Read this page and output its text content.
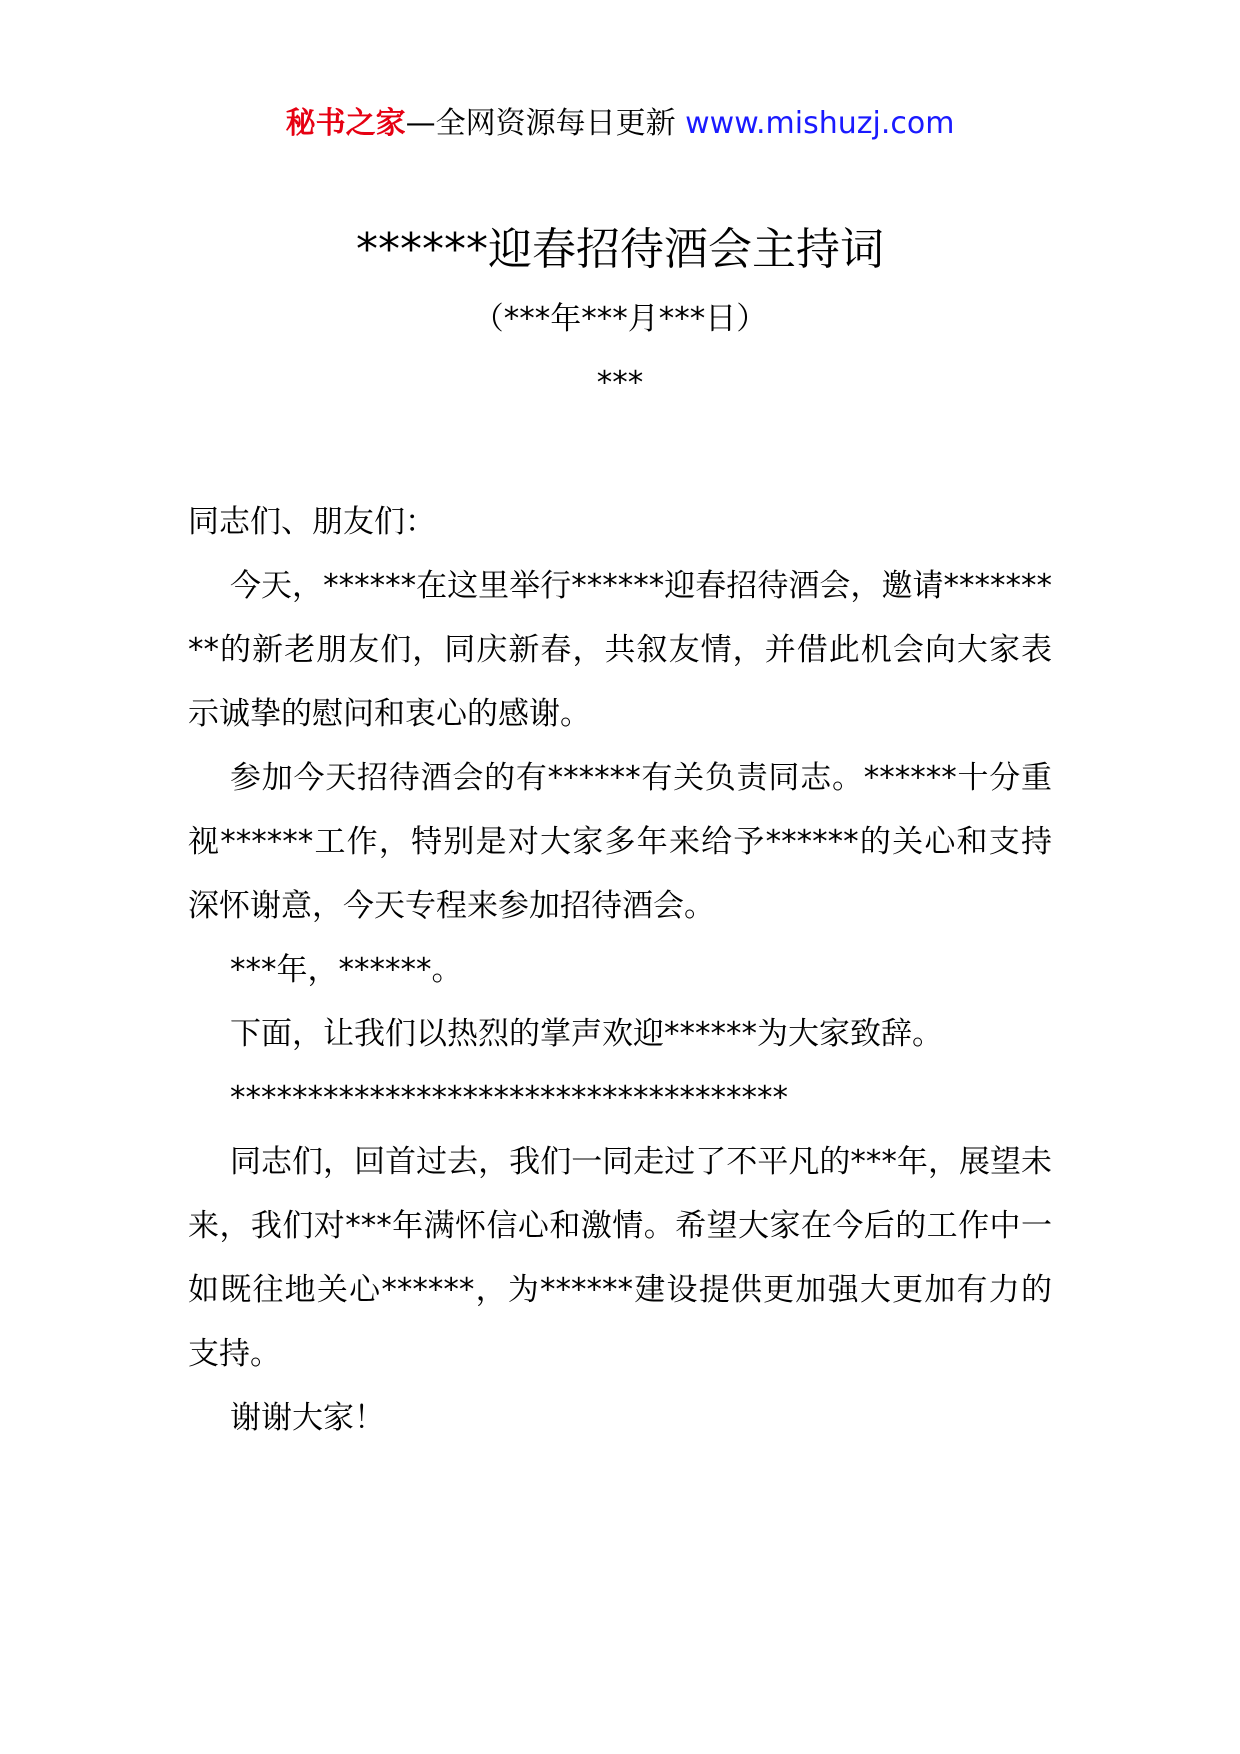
秘书之家—全网资源每日更新 www.mishuzj.com
******迎春招待酒会主持词
（***年***月***日）
***

同志们、朋友们：

今天，******在这里举行******迎春招待酒会，邀请*********的新老朋友们，同庆新春，共叙友情，并借此机会向大家表示诚挚的慰问和衷心的感谢。

参加今天招待酒会的有******有关负责同志。******十分重视******工作，特别是对大家多年来给予******的关心和支持深怀谢意，今天专程来参加招待酒会。

***年，******。

下面，让我们以热烈的掌声欢迎******为大家致辞。

************************************

同志们，回首过去，我们一同走过了不平凡的***年，展望未来，我们对***年满怀信心和激情。希望大家在今后的工作中一如既往地关心******，为******建设提供更加强大更加有力的支持。

谢谢大家！
